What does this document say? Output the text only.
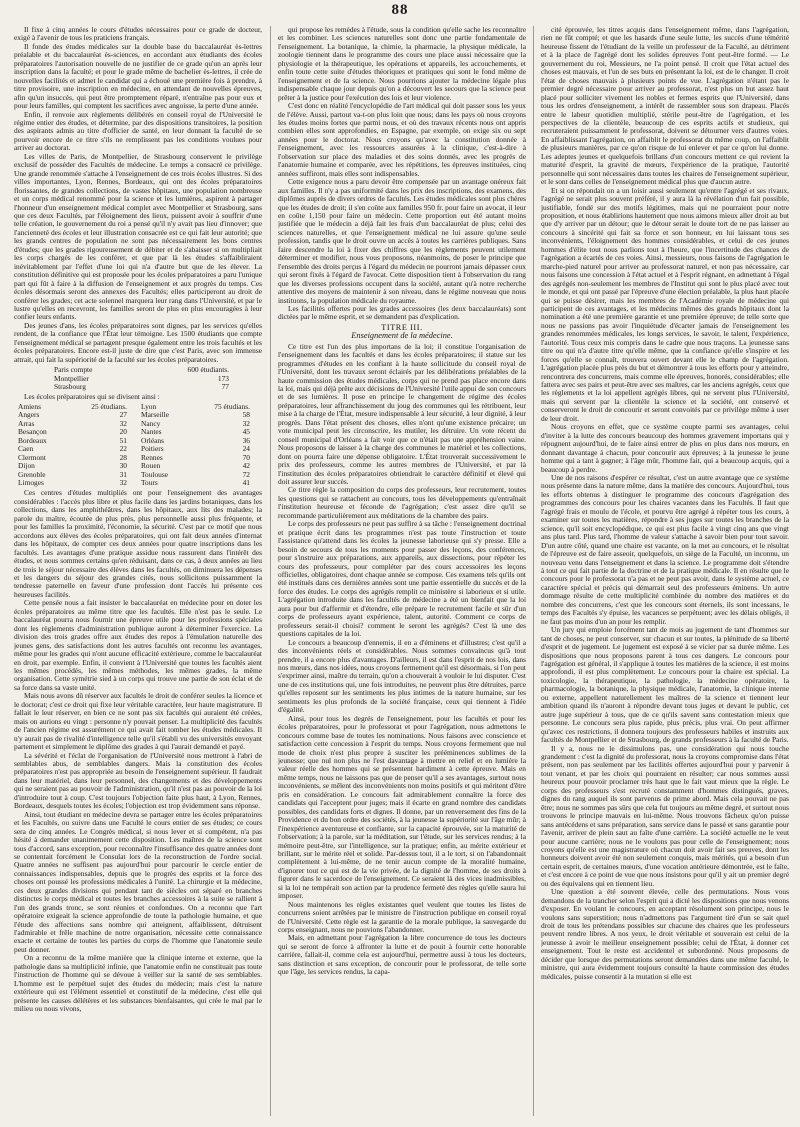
88

Il fixe à cinq années le cours d'études nécessaires pour ce grade de docteur, exigé à l'avenir de tous les praticiens français.

Il fonde des études médicales sur la double base du baccalauréat ès-lettres préalable et du baccalauréat ès-sciences, en accordant aux étudiants des écoles préparatoires l'autorisation nouvelle de ne justifier de ce grade qu'un an après leur inscription dans la faculté; et pour le grade même de bachelier ès-lettres, il crée de nouvelles facilités et admet le candidat qui a échoué une première fois à prendre, à titre provisoire, une inscription en médecine, en attendant de nouvelles épreuves, afin qu'un insuccès, qui peut être promptement réparé, n'entraîne pas pour eux et pour leurs familles, qui comptent les sacrifices avec angoisse, la perte d'une année.

Enfin, il renvoie aux règlements délibérés en conseil royal de l'Université le régime entier des études, et détermine, par des dispositions transitoires, la position des aspirants admis au titre d'officier de santé, en leur donnant la faculté de se pourvoir encore de ce titre s'ils ne remplissent pas les conditions voulues pour arriver au doctorat.

Les villes de Paris, de Montpellier, de Strasbourg conservent le privilège exclusif de posséder des Facultés de médecine. Le temps a consacré ce privilège. Une grande renommée s'attache à l'enseignement de ces trois écoles illustres. Si des villes importantes, Lyon, Rennes, Bordeaux, qui ont des écoles préparatoires florissantes, de grandes collections, de vastes hôpitaux, une population nombreuse et un corps médical renommé pour la science et les lumières, aspirent à partager l'honneur d'un enseignement médical complet avec Montpellier et Strasbourg, sans que ces deux Facultés, par l'éloignement des lieux, puissent avoir à souffrir d'une telle création, le gouvernement du roi a pensé qu'il n'y avait pas lieu d'innover; que l'ancienneté des écoles et leur illustration consacrée est ce qui fait leur autorité; que les grands centres de population ne sont pas nécessairement les bons centres d'études; que les grades rigoureusement de débiter et de s'abaisser si on multipliait les corps chargés de les conférer, et que par là les études s'affaibliraient inévitablement par l'effet d'une loi qui n'a d'autre but que de les élever. La constitution définitive qui est proposée pour les écoles préparatoires a paru l'unique part qui fût à faire à la diffusion de l'enseignement et aux progrès du temps. Ces écoles désormais seront des annexes des Facultés; elles participeront au droit de conférer les grades; cet acte solennel marquera leur rang dans l'Université, et par le lustre qu'elles en recevront, les familles seront de plus en plus encouragées à leur confier leurs enfants.

Des jeunes d'ans, les écoles préparatoires sont dignes, par les services qu'elles rendent, de la confiance que l'État leur témoigne. Les 1500 étudiants que compte l'enseignement médical se partagent presque également entre les trois facultés et les écoles préparatoires. Encore est-il juste de dire que c'est Paris, avec son immense attrait, qui fait la supériorité de la faculté sur les écoles préparatoires.

Paris compte	600 étudiants.
Montpellier	173
Strasbourg	77

Les écoles préparatoires qui se divisent ainsi :

Amiens	25 étudians. Lyon	75 étudians.
Angers	27 Marseille	58
Arras	32 Nancy	32
Besançon	20 Nantes	45
Bordeaux	51 Orléans	36
Caen	22 Poitiers	24
Clermont	28 Rennes	70
Dijon	30 Rouen	42
Grenoble	31 Toulouse	72
Limoges	32 Tours	41

Ces centres d'études multipliés ont pour l'enseignement des avantages considérables : l'accès plus libre et plus facile dans les jardins botaniques, dans les collections, dans les amphithéâtres, dans les hôpitaux, aux lits des malades; la parole du maître, écoutée de plus près, plus personnelle aussi plus fréquente, et pour les familles la proximité, l'économie, la sécurité. C'est par ce motif que nous accordons aux élèves des écoles préparatoires, qui ont fait deux années d'internat dans les hôpitaux, de compter ces deux années pour quatre inscriptions dans les facultés. Les avantages d'une pratique assidue nous rassurent dans l'intérêt des études, et nous sommes certains qu'en réduisant, dans ce cas, à deux années au lieu de trois le séjour nécessaire des élèves dans les facultés, on diminuera les dépenses et les dangers du séjour des grandes cités, nous sollicitons puissamment la tendresse paternelle en faveur d'une profession dont l'accès lui présente ces heureuses facilités.

Cette pensée nous a fait insister le baccalauréat en médecine pour en doter les écoles préparatoires au même titre que les facultés. Elle n'est pas le seule. Le baccalauréat pourra nous fournir une épreuve utile pour les professions spéciales dont les règlements d'administration publique auront à déterminer l'exercice. La division des trois grades offre aux études des repos à l'émulation naturelle des jeunes gens, des satisfactions dont les autres facultés ont reconnu les avantages, même pour les grades qui n'ont aucune efficacité extérieure, comme le baccalauréat en droit, par exemple. Enfin, il convient à l'Université que toutes les facultés aient les mêmes procédés, les mêmes méthodes, les mêmes grades, la même organisation. Cette symétrie sied à un corps qui trouve une partie de son éclat et de sa force dans sa vaste unité.

Mais nous avons dû réserver aux facultés le droit de conférer seules la licence et le doctorat; c'est ce droit qui fixe leur véritable caractère, leur haute magistrature. Il fallait le leur réserver, en bien ce ne sont pas six facultés qui auraient été créées, mais on aurions eu vingt : personne n'y pouvait penser. La multiplicité des facultés de l'ancien régime est assurément ce qui avait fait tomber les études médicales. Il n'y aurait pas de rivalité d'intelligence telle qu'il s'établi vu des universités envoyant partement et simplement le diplôme des grades à qui l'aurait demandé et payé.

La sévérité et l'éclat de l'organisation de l'Université nous mettront à l'abri de semblables abus, de semblables dangers. Mais la constitution des écoles préparatoires n'est pas appropriée au besoin de l'enseignement supérieur. Il faudrait dans leur matériel, dans leur personnel, des changements et des développements qui ne seraient pas au pouvoir de l'administration, qu'il n'est pas au pouvoir de la loi d'introduire tout à coup. C'est toujours l'objection faite plus haut, à Lyon, Rennes, Bordeaux, desquels toutes les écoles; l'objection est trop évidemment sans réponse.

Ainsi, tout étudiant en médecine devra se partager entre les écoles préparatoires et les Facultés, ou suivre dans une Faculté le cours entier de ses études; ce cours sera de cinq années. Le Congrès médical, si nous lever et si compétent, n'a pas hésité à demander unanimement cette disposition. Les maîtres de la science sont tous d'accord, sans exception, pour reconnaître l'insuffisance des quatre années dont se contentait forcément le Consulat lors de la reconstruction de l'ordre social. Quatre années ne suffisent pas aujourd'hui pour parcourir le cercle entier de connaissances indispensables, depuis que le progrès des esprits et la force des choses ont poussé les professions médicales à l'unité. La chirurgie et la médecine, ces deux grandes divisions qui pendant tant de siècles ont séparé en branches distinctes le corps médical et toutes les branches accessoires à la suite se rallient à l'un des grands tronc, se sont réunies et confondues. On a reconnu que l'art opératoire exigeait la science approfondie de toute la pathologie humaine, et que l'étude des affections sans nombre qui atteignent, affaiblissent, détruisent l'admirable et frêle machine de notre organisation, nécessite cette connaissance exacte et certaine de toutes les parties du corps de l'homme que l'anatomie seule peut donner.

On a reconnu de la même manière que la clinique interne et externe, que la pathologie dans sa multiplicité infinie, que l'anatomie enfin ne constituait pas toute l'instruction de l'homme qui se dévoue à veiller sur la santé de ses semblables. L'homme est le perpétuel sujet des études du médecin; mais c'est la nature extérieure qui est l'élément essentiel et constitutif de la médecine, c'est elle qui présente les causes délétères et les substances bienfaisantes, qui crée le mal par le milieu ou nous vivons,

qui propose les remèdes à l'étude, sous la condition qu'elle sache les reconnaître et les combiner. Les sciences naturelles sont donc une partie fondamentale de l'enseignement. La botanique, la chimie, la pharmacie, la physique médicale, la zoologie tiennent dans le programme des cours une place aussi nécessaire que la physiologie et la thérapeutique, les opérations et appareils, les accouchements, et enfin toute cette suite d'études théoriques et pratiques qui sont le fond même de l'enseignement et de la science. Nous pourrions ajouter la médecine légale plus indispensable chaque jour depuis qu'on a découvert les secours que la science peut prêter à la justice pour l'exécution des lois et leur violence.

C'est donc en réalité l'encyclopédie de l'art médical qui doit passer sous les yeux de l'élève. Aussi, partout va-t-on plus loin que nous; dans les pays où nous croyons les études moins fortes que parmi nous, et où des travaux récents nous ont appris combien elles sont approfondies, en Espagne, par exemple, on exige six ou sept années pour le doctorat. Nous croyons qu'avec la constitution donnée à l'enseignement, avec les ressources assurées à la clinique, c'est-à-dire à l'observation sur place des maladies et des soins donnés, avec les progrès de l'anatomie humaine et comparée, avec les répétitions, les épreuves instituées, cinq années suffiront, mais elles sont indispensables.

Cette exigence nous a paru devoir être compensée par un avantage onéreux fait aux familles. Il n'y a pas uniformité dans les prix des inscriptions, des examens, des diplômes auprès de divers ordres de facultés. Les études médicales sont plus chères que les études de droit; il s'en coûte aux familles 950 fr. pour faire un avocat, il leur en coûte 1,150 pour faire un médecin. Cette proportion eut été autant moins justifiée que le médecin a déjà fait les frais d'un baccalauréat de plus; celui des sciences naturelles, et que l'enseignement médical ne lui assure qu'une seule profession, tandis que le droit ouvre un accès à toutes les carrières publiques. Sans faire descendre la loi à fixer des chiffres que les règlements peuvent utilement déterminer et modifier, nous vous proposons, néanmoins, de poser le principe que l'ensemble des droits perçus à l'égard du médecin ne pourront jamais dépasser ceux qui seront fixés à l'égard de l'avocat. Cette disposition tient à l'observation du rang que les diverses professions occupent dans la société, autant qu'à notre recherche attentive des moyens de maintenir à son niveau, dans le régime nouveau que nous instituons, la population médicale du royaume.

Les facilités offertes pour les grades accessoires (les deux baccalauréats) sont dictées par le même esprit, et se demandent pas d'explication.

TITRE III.
Enseignement de la médecine.

Ce titre est l'un des plus importans de la loi; il constitue l'organisation de l'enseignement dans les facultés et dans les écoles préparatoires; il statue sur les programmes d'études en les confiant à la haute sollicitude du conseil royal de l'Université, dont les travaux seront éclairés par les délibérations préalables de la haute commission des études médicales, corps qui ne prend pas place encore dans la loi, mais qui déjà prête aux décisions de l'Université l'utile appui de son concours et de ses lumières. Il pose en principe le changement de régime des écoles préparatoires, leur affranchissement du joug des communes qui les rétribuent, leur mise à la charge de l'État, mesure indispensable à leur sécurité, à leur dignité, à leur progrès. Dans l'état présent des choses, elles n'ont qu'une existence précaire; un vote municipal peut les circonscrire, les mutiler, les détruire. Un vote récent du conseil municipal d'Orléans a fait voir que ce n'était pas une appréhension vaine. Nous proposons de laisser à la charge des communes le matériel et les collections, dont on pourra faire une dépense obligatoire. L'État trouverait successivement le prix des professeurs, comme les autres membres de l'Université, et par là l'institution des écoles préparatoires obtiendrait le caractère définitif et élevé qui doit assurer leur succès.

Ce titre règle la composition du corps des professeurs, leur recrutement, toutes les questions qui se rattachent au concours, tous les développements qu'entraînait l'institution heureuse et féconde de l'agrégation; c'est assez dire qu'il se recommande particulièrement aux méditations de la chambre des pairs.

Le corps des professeurs ne peut pas suffire à sa tâche : l'enseignement doctrinal et pratique écrit dans les programmes n'est pas toute l'instruction et toute l'assistance qu'attend dans les écoles la jeunesse laborieuse qui s'y presse. Elle a besoin de secours de tous les moments pour passer des leçons, des conférences, pour s'instruire aux préparations, aux appareils, aux dissections, pour répéter les cours des professeurs, pour compléter par des cours accessoires les leçons officielles, obligatoires, dont chaque année se compose. Ces examens tels qu'ils ont été institués dans ces dernières années sont une partie essentielle du succès et de la force des études. Le corps des agrégés remplit ce ministère si laborieux et si utile. L'agrégation introduite dans les facultés de médecine a été un bienfait que la loi aura pour but d'affermir et d'étendre, elle prépare le recrutement facile et sûr d'un corps de professeurs ayant expérience, talent, autorité. Comment ce corps de professeurs serait-il choisi? comment le seront les agrégés? C'est là une des questions capitales de la loi.

Le concours a beaucoup d'ennemis, il en a d'éminens et d'illustres; c'est qu'il a des inconvénients réels et considérables. Nous sommes convaincus qu'à tout prendre, il a encore plus d'avantages. D'ailleurs, il est dans l'esprit de nos lois, dans nos mœurs, dans nos idées, nous croyons fermement qu'il est désormais, si l'on peut s'exprimer ainsi, maître du terrain, qu'on a chouverait à vouloir le lui disputer. C'est une de ces institutions qui, une fois introduites, ne peuvent plus être détruites, parce qu'elles reposent sur les sentiments les plus intimes de la nature humaine, sur les sentiments les plus profonds de la société française, ceux qui tiennent à l'idée d'égalité.

Ainsi, pour tous les degrés de l'enseignement, pour les facultés et pour les écoles préparatoires, pour le professorat et pour l'agrégation, nous admettons le concours comme base de toutes les nominations. Nous faisons avec conscience et satisfaction cette concession à l'esprit du temps. Nous croyons fermement que nul mode de choix n'est plus propre à susciter les prééminences sublimes de la jeunesse; que nul non plus ne l'est davantage à mettre en relief et en lumière la valeur réelle des hommes qui se présentent hardiment à cette épreuve. Mais en même temps, nous ne laissons pas que de penser qu'il a ses avantages, surtout nous inconvénients, se mêlent des inconvénients non moins positifs et qui méritent d'être pris en considération. Le concours fait admirablement connaître la force des candidats qui l'acceptent pour juges; mais il écarte en grand nombre des candidats possibles, des candidats forts et dignes. Il donne, par un renversement des fins de la Providence et du bon ordre des sociétés, à la jeunesse la supériorité sur l'âge mûr; à l'inexpérience aventureuse et confiante, sur la capacité éprouvée, sur la maturité de l'observation; à la parole, sur la méditation, sur l'étude, sur les services rendus; à la mémoire peut-être, sur l'intelligence, sur la pratique; enfin, au mérite extérieur et brillant, sur le mérite réel et solide. Par-dessus tout, il a le tort, si on l'abandonnait complètement à lui-même, de ne tenir aucun compte de la moralité humaine, d'ignorer tout ce qui est de la vie privée, de la dignité de l'homme, de ses droits à figurer dans le sacerdoce de l'enseignement. Ce seraient là des vices inadmissibles, si la loi ne tempérait son action par la prudence fermeté des règles qu'elle saura lui imposer.

Nous maintenons les règles existantes quel veulent que toutes les listes de concurrens soient arrêtées par le ministre de l'instruction publique en conseil royal de l'Université. Cette règle est la garantie de la morale publique, la sauvegarde du corps enseignant, nous ne pouvions l'abandonner.

Mais, en admettant pour l'agrégation la libre concurrence de tous les docteurs qui se seront de force à affronter la lutte et de pouit à fournir cette honorable carrière, fallait-il, comme cela est aujourd'hui, permettre aussi à tous les docteurs, sans distinction et sans exception, de concourir pour le professorat, de telle sorte que l'âge, les services rendus, la capa-

cité éprouvée, les titres acquis dans l'enseignement même, dans l'agrégation, rien ne fût compté; et que les hasards d'une seule lutte, les succès d'une témérité heureuse fissent de l'étudiant de la veille un professeur de la Faculté, au détriment et à la place de l'agrégé dont les solides épreuves l'ont peut-être formé. — Le gouvernement du roi, Messieurs, ne l'a point pensé. Il croit que l'état actuel des choses est mauvais, et l'un de ses buts en présentant la loi, est de le changer. Il croit l'état de choses mauvais à plusieurs points de vue. L'agrégation n'étant pas le premier degré nécessaire pour arriver au professorat, n'est plus un but assez haut placé pour solliciter vivement les nobles et fermes esprits que l'Université, dans tous les ordres d'enseignement, a intérêt de rassembler sous son drapeau. Placés entre le labeur quotidien multiplié, stérile peut-être de l'agrégation, et les perspectives de la clientèle, beaucoup de ces esprits actifs et studieux, qui recruteraient puissamment le professorat, doivent se détourner vers d'autres voies. En affaiblissant l'agrégation, on affaiblit le professorat du même coup, on l'affaiblit de plusieurs manières, par ce qu'on risque de lui enlever et par ce qu'on lui donne. Les adeptes jeunes et quelquefois brillans d'un concours mettent ce qui revient la maturité d'esprit, la gravité de mœurs, l'expérience de la pratique, l'autorité personnelle qui sont nécessaires dans toutes les chaires de l'enseignement supérieur, et le sont dans celles de l'enseignement médical plus que d'aucun autre.

Et si on répondait on a un loisir aussi seulement qu'entre l'agrégé et ses rivaux, l'agrégé ne serait plus souvent préféré, il y aura là la révélation d'un fait possible, justifiable, fondé sur des motifs légitimes, mais qui ne pourraient pour notre proposition, et nous établirions hautement que nous aimons mieux aller droit au but que d'y arriver par un détour; que le détour serait le doute tort de ne pas laisser au concours à sincérité qui fait sa force et son honneur, en lui laissant tous ses inconvénients, l'éloignement des hommes considérables, et celui de ces jeunes hommes d'élite tout nous parlions tout à l'heure, que l'incertitude des chances de l'agrégation a écartés de ces voies. Ainsi, messieurs, nous faisons de l'agrégation le marche-pied naturel pour arriver au professorat naturel, et non pas nécessaire, car nous faisons une concession à l'état actuel et à l'esprit régnant, en admettant à l'égal des agrégés non-seulement les membres de l'Institut qui sont le plus placé avec tout le monde, et qui ont passé par l'épreuve d'une élection préalable, la plus haut placée qui se puisse désirer, mais les membres de l'Académie royale de médecine qui participent de ces avantages, et les médecins mêmes des grands hôpitaux dont la nomination a été une première garantie et une première épreuve; de telle sorte que nous ne passions pas avoir l'inquiétude d'écarter jamais de l'enseignement les grandes renommées médicales, les longs services, le savoir, le talent, l'expérience, l'autorité. Tous ceux mis compris dans le cadre que nous traçons. La jeunesse sans titre ou qui n'a d'autre titre qu'elle même, que la confiance qu'elle s'inspire et les forces qu'elle se connaît, trouvera ouvert devant elle le champ de l'agrégation. L'agrégation placée plus près du but et démontrer à tous les efforts pour y atteindre, rencontrera des concurrens, mais comme elle épreuves, honorés, considérables; elle fattera avec ses pairs et peut-être avec ses maîtres, car les anciens agrégés, ceux que les règlements et la loi appellent agrégés libres, qui ne servent plus l'Université, mais qui servent par la clientèle la science et la société, ont conservé et conserveront le droit de concourir et seront convoités par ce privilège même à user de leur droit.

Nous croyons en effet, que ce système coupte parmi ses avantages, celui d'inviter à la lutte des concours beaucoup des hommes gravement importans qui y répugnent aujourd'hui, de te faire ainsi entrer de plus en plus dans nos mœurs, en donnant davantage à chacun, pour concourir aux épreuves; à la jeunesse le jeune homme qui a tant à gagner; à l'âge mûr, l'homme fait, qui a beaucoup acquis, qui a beaucoup à perdre.

Une de nos raisons d'espérer ce résultat, c'est un autre avantage que ce système nous présente dans la nature même, dans la matière des concours. Aujourd'hui, tous les efforts obtenus à distinguer le programme des concours d'agrégation des programmes des concours pour les chaires vacantes dans les Facultés. Il faut que l'agrégé frais et moulu de l'école, et pourvu être agrégé à répéter tous les cours, à examiner sur toutes les matières, répondre à ses juges sur toutes les branches de la science, qu'il soit encyclopédique, ce qui est plus facile à vingt cinq ans que vingt ans plus tard. Plus tard, l'homme de valeur s'attache à savoir bien pour tout savoir. D'un autre côté, quand une chaire est vacante, on la met au concours, et le résultat de l'épreuve est de faire asseoir, quelquefois, un siège de la Faculté, un inconnu, un nouveau venu dans l'enseignement et dans la science. Le programme doit s'étendre à tout ce qui fait partie de la doctrine et de la pratique médicale. Il en résulte que le concours pour le professorat n'a pas et ne peut pas avoir, dans le système actuel, ce caractère spécial et précis qui démarrait seul des professeurs éminens. Un autre dommage résulte de cette multiplicité combinée du nombre des matières et du nombre des concurrens, c'est que les concours sont éternels, ils sont incessans, le temps des Facultés s'y épuise, les vacances se perpétuent; avec les délais obligés, il ne faut pas moins d'un an pour les remplir.

Un jury qui emploie forcément tant de mois au jugement de tant d'hommes sur tant de choses, ne peut conserver, sur chacun et sur toutes, la plénitude de sa liberté d'esprit et de jugement. Le jugement est exposé à se vicier par sa durée même. Les dispositions que nous proposons parent à tous ces dangers. Le concours pour l'agrégation est général, il s'applique à toutes les matières de la science, il est moins approfondi, il est plus complètement. Le concours pour la chaire est spécial. La toxicologie, la thérapeutique, la pathologie, la médecine opératoire, la pharmacologie, la botanique, la physique médicale, l'anatomie, la clinique interne ou externe, appellent naturellement les maîtres de la science et tiennent leur ambition quand ils n'auront à répondre devant tous juges et devant le public, cet autre juge supérieur à tous, que de ce qu'ils savent sans contestation mieux que personne. Le concours sera plus rapide, plus précis, plus vrai. On peut affirmer qu'avec ces restrictions, il donnera toujours des professeurs habiles et instruits aux facultés de Montpellier et de Strasbourg, de grands professeurs à la faculté de Paris.

Il y a, nous ne le dissimulons pas, une considération qui nous touche grandement : c'est la dignité du professorat, nous la croyons compromise dans l'état présent, non pas seulement par les facilités offertes aujourd'hui pour y parvenir à tout venant, et par les choix qui pourraient en résulter; car nous sommes aussi heureux pour pouvoir proclamer très haut que le fait vaut mieux que la règle. Le corps des professeurs s'est recruté constamment d'hommes distingués, graves, dignes du rang auquel ils sont parvenus de prime abord. Mais cela pouvait ne pas être; nous ne sommes pas sûrs que cela fut toujours au même degré, et surtout nous trouvons le principe mauvais en lui-même. Nous trouvons fâcheux qu'on puisse sans antécédens et sans préparation, sans service dans le passé et sans garantie pour l'avenir, arriver de plein saut au faîte d'une carrière. La société actuelle ne le veut pour aucune carrière; nous ne le voulons pas pour celle de l'enseignement; nous croyons qu'elle est une magistrature où chacun doit avoir fait ses preuves, dont les honneurs doivent avoir été non seulement conquis, mais mérités, qui a besoin d'un certain esprit, de certaines mœurs, d'une vocation antérieure démontrée, est le faîte, et c'est encore à ce point de vue que nous insistons pour qu'il y ait un premier degré ou des équivalens qui en tiennent lieu.

Une question a été souvent élevée, celle des permutations. Nous vous demandons de la trancher selon l'esprit qui a dicté les dispositions que nous venons d'exposer. En voulant le concours, en acceptant résolument son principe, nous le voulons sans superstition; nous n'admettons pas l'argument tiré d'un se sait quel droit de tous les prétendans possibles sur chacune des chaires que les professeurs peuvent rendre libres. A nos yeux, le droit véritable et souverain est celui de la jeunesse à avoir le meilleur enseignement possible; celui de l'État, à donner cet enseignement. Tout le reste est accidentel et subordonné. Nous proposons de décider que lorsque des permutations seront demandées dans une même faculté, le ministre, qui aura évidemment toujours consulté la haute commission des études médicales, puisse consentir à la mutation si elle est
